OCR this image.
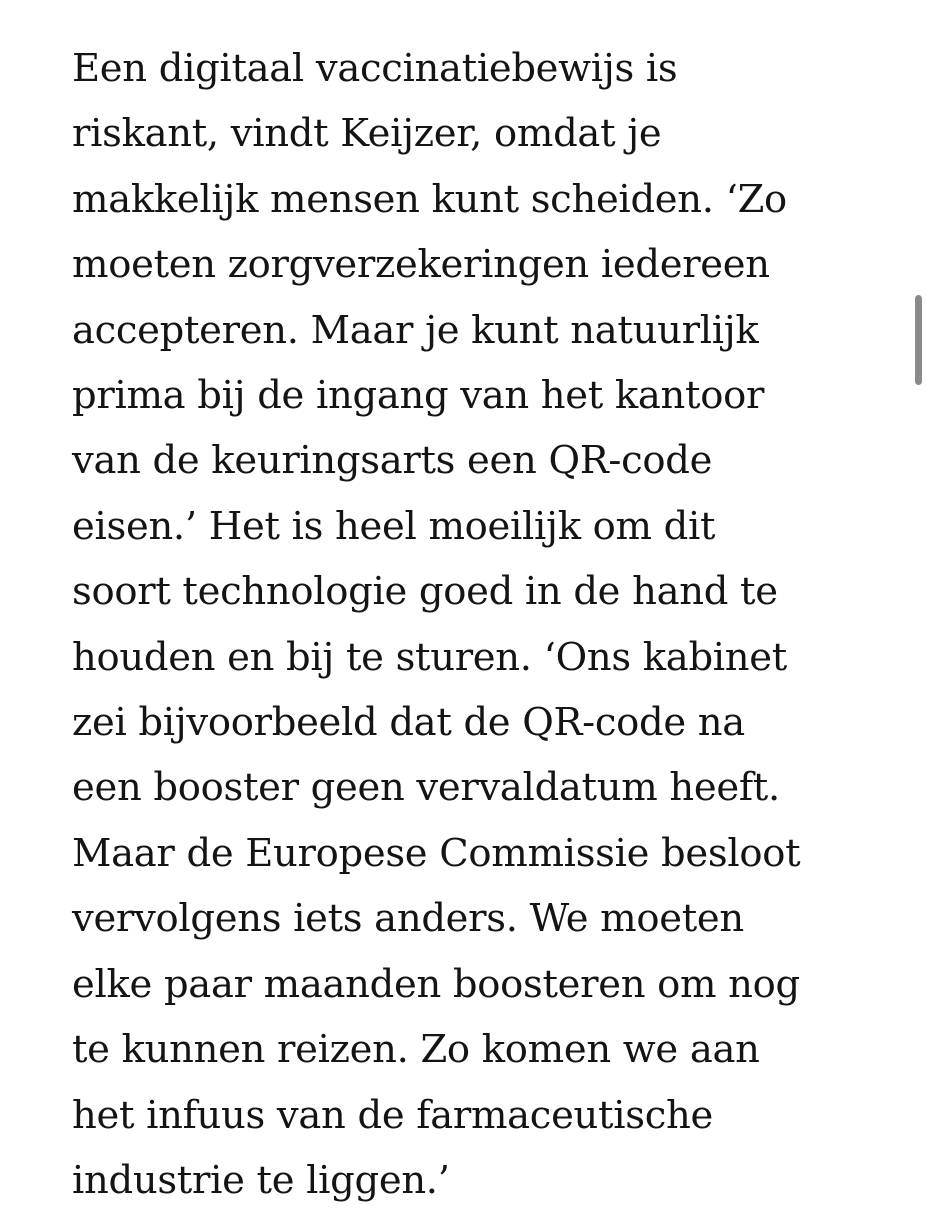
Een digitaal vaccinatiebewijs is
riskant, vindt Keijzer, omdat je
makkelijk mensen kunt scheiden. ‘Zo
moeten zorgverzekeringen iedereen
accepteren. Maar je kunt natuurlijk
prima bij de ingang van het kantoor
van de keuringsarts een QR-code
eisen.’ Het is heel moeilijk om dit
soort technologie goed in de hand te
houden en bij te sturen. ‘Ons kabinet
zei bijvoorbeeld dat de QR-code na
een booster geen vervaldatum heeft.
Maar de Europese Commissie besloot
vervolgens iets anders. We moeten
elke paar maanden boosteren om nog
te kunnen reizen. Zo komen we aan
het infuus van de farmaceutische
industrie te liggen.’
